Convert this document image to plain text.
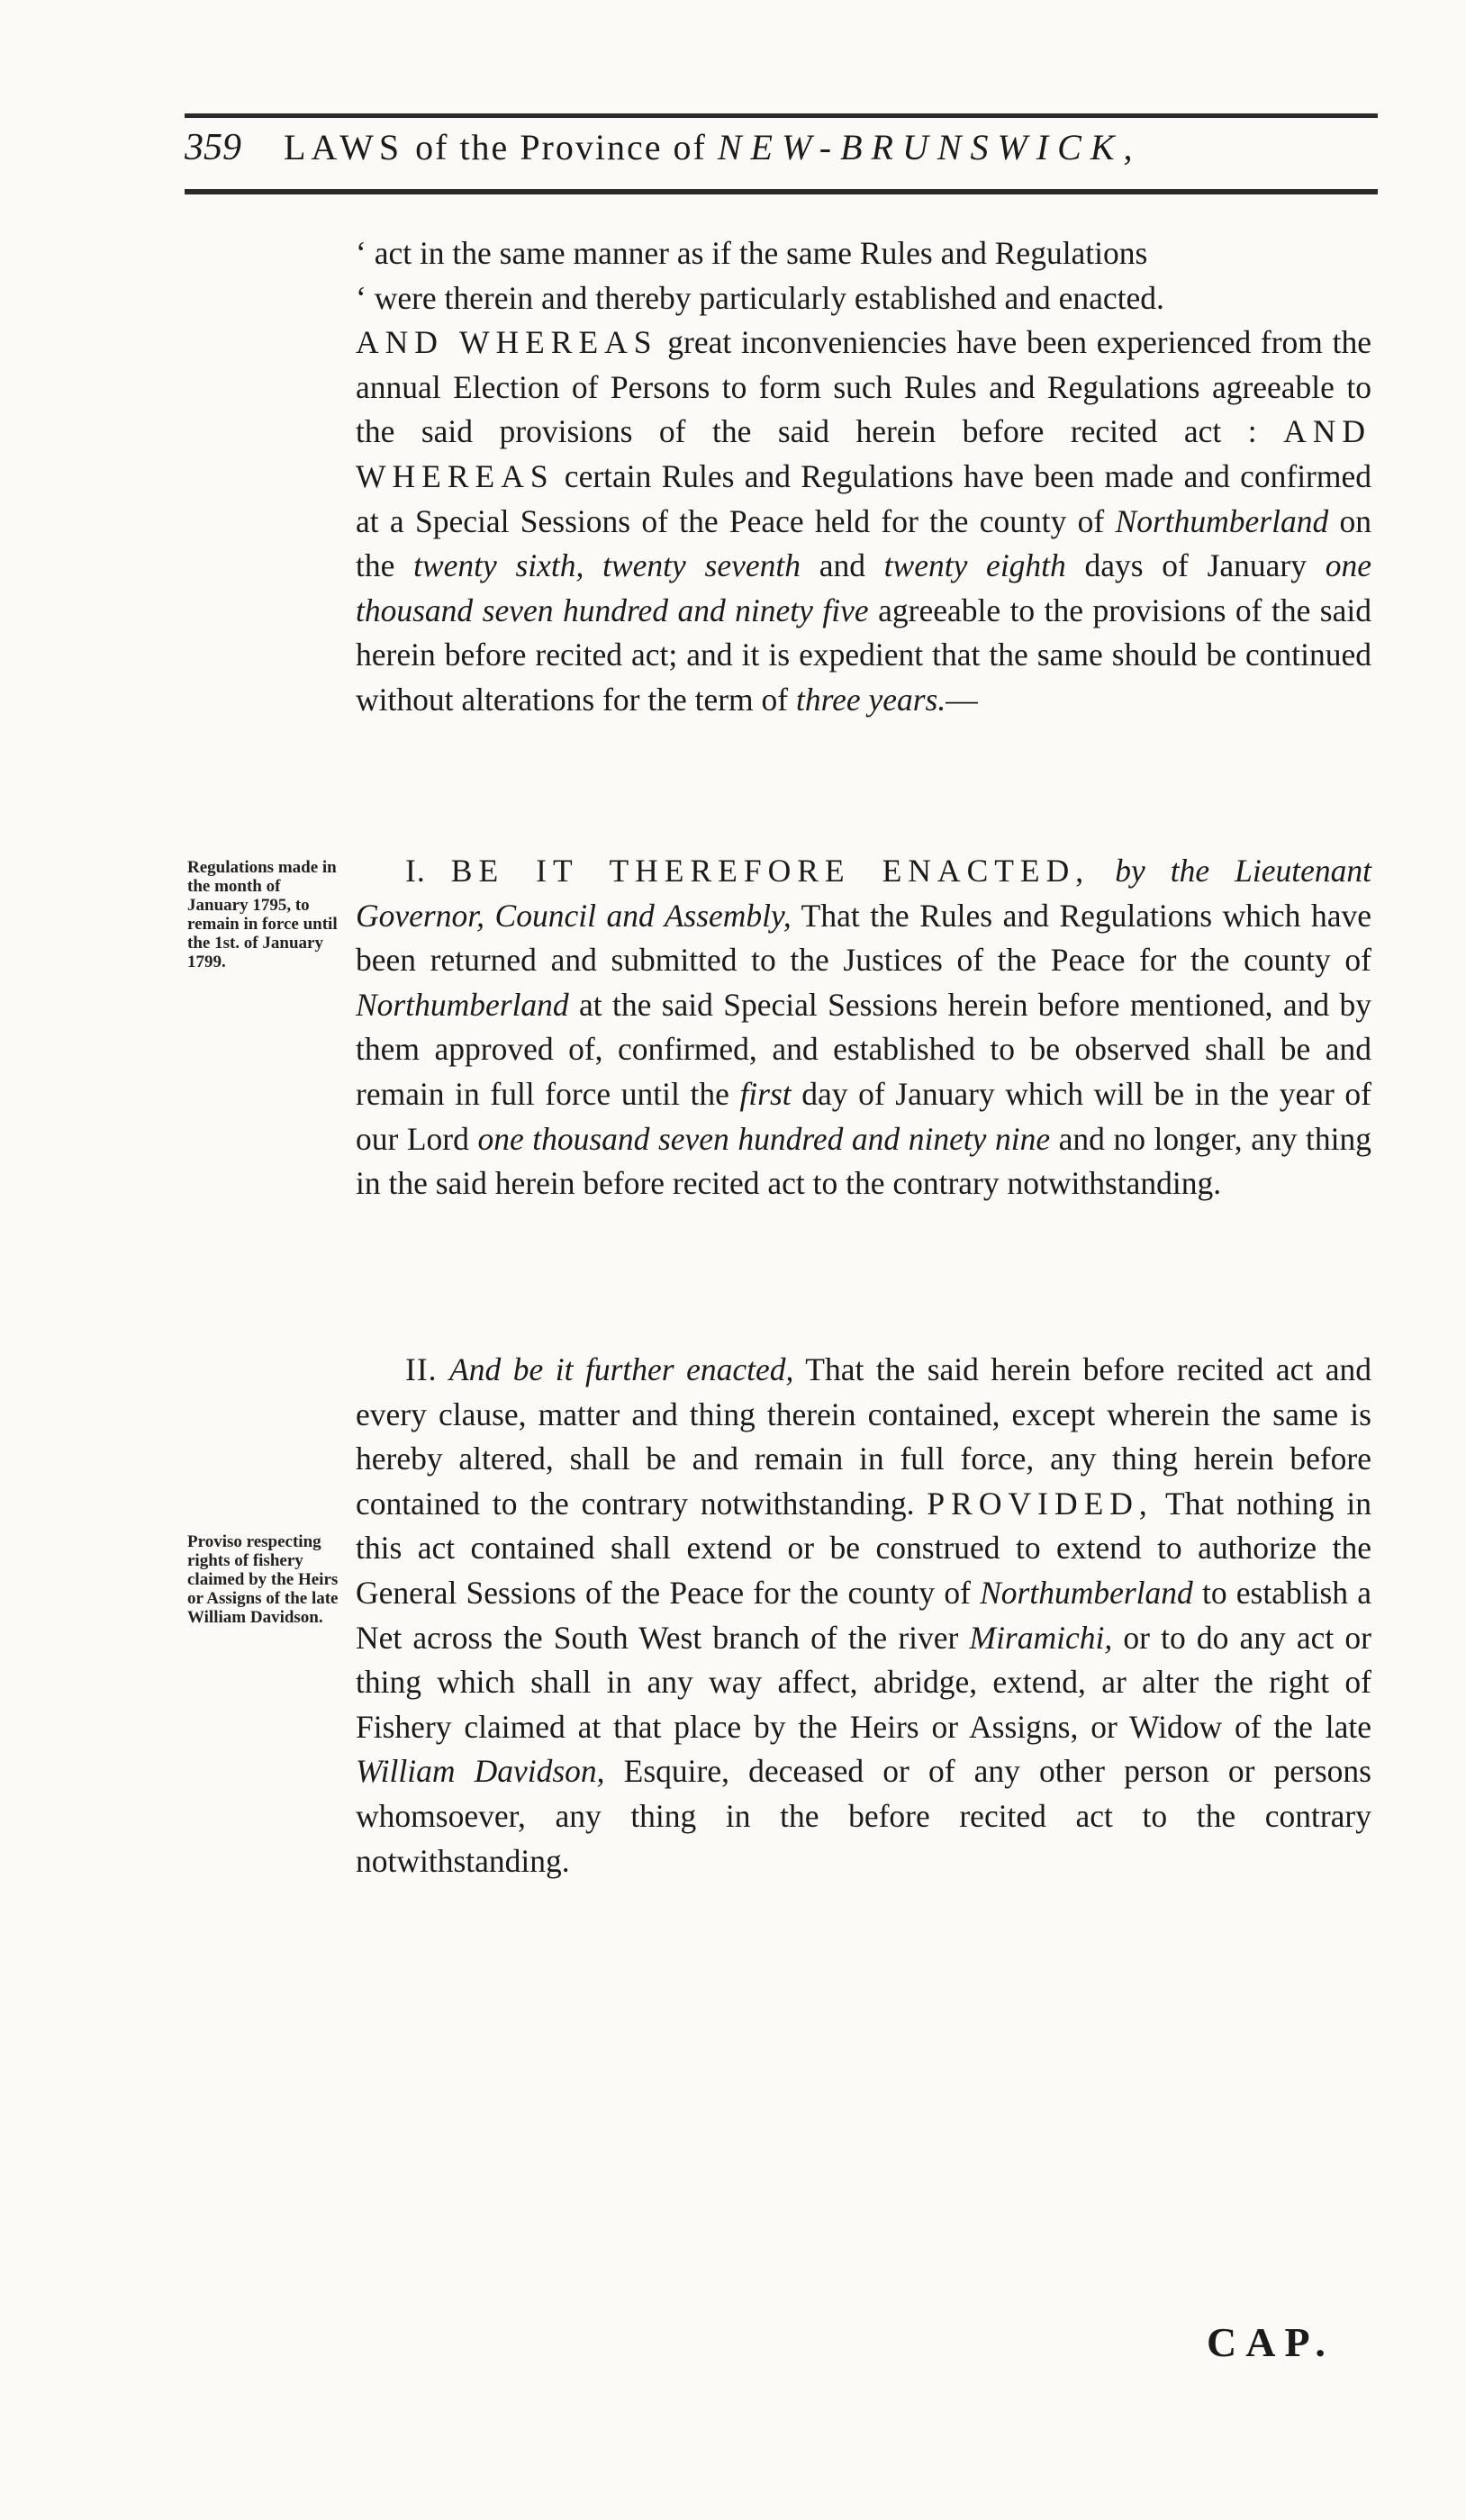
359 LAWS of the Province of NEW-BRUNSWICK,

‘ act in the same manner as if the same Rules and Regulations

‘ were therein and thereby particularly established and enacted.

AND WHEREAS great inconveniencies have been experienced from the annual Election of Persons to form such Rules and Regulations agreeable to the said provisions of the said herein before recited act : AND WHEREAS certain Rules and Regulations have been made and confirmed at a Special Sessions of the Peace held for the county of Northumberland on the twenty sixth, twenty seventh and twenty eighth days of January one thousand seven hundred and ninety five agreeable to the provisions of the said herein before recited act; and it is expedient that the same should be continued without alterations for the term of three years.—

Regulations made in the month of January 1795, to remain in force until the 1st. of January 1799.

I. BE IT THEREFORE ENACTED, by the Lieutenant Governor, Council and Assembly, That the Rules and Regulations which have been returned and submitted to the Justices of the Peace for the county of Northumberland at the said Special Sessions herein before mentioned, and by them approved of, confirmed, and established to be observed shall be and remain in full force until the first day of January which will be in the year of our Lord one thousand seven hundred and ninety nine and no longer, any thing in the said herein before recited act to the contrary notwithstanding.

Proviso respecting rights of fishery claimed by the Heirs or Assigns of the late William Davidson.

II. And be it further enacted, That the said herein before recited act and every clause, matter and thing therein contained, except wherein the same is hereby altered, shall be and remain in full force, any thing herein before contained to the contrary notwithstanding. PROVIDED, That nothing in this act contained shall extend or be construed to extend to authorize the General Sessions of the Peace for the county of Northumberland to establish a Net across the South West branch of the river Miramichi, or to do any act or thing which shall in any way affect, abridge, extend, ar alter the right of Fishery claimed at that place by the Heirs or Assigns, or Widow of the late William Davidson, Esquire, deceased or of any other person or persons whomsoever, any thing in the before recited act to the contrary notwithstanding.

CAP.
